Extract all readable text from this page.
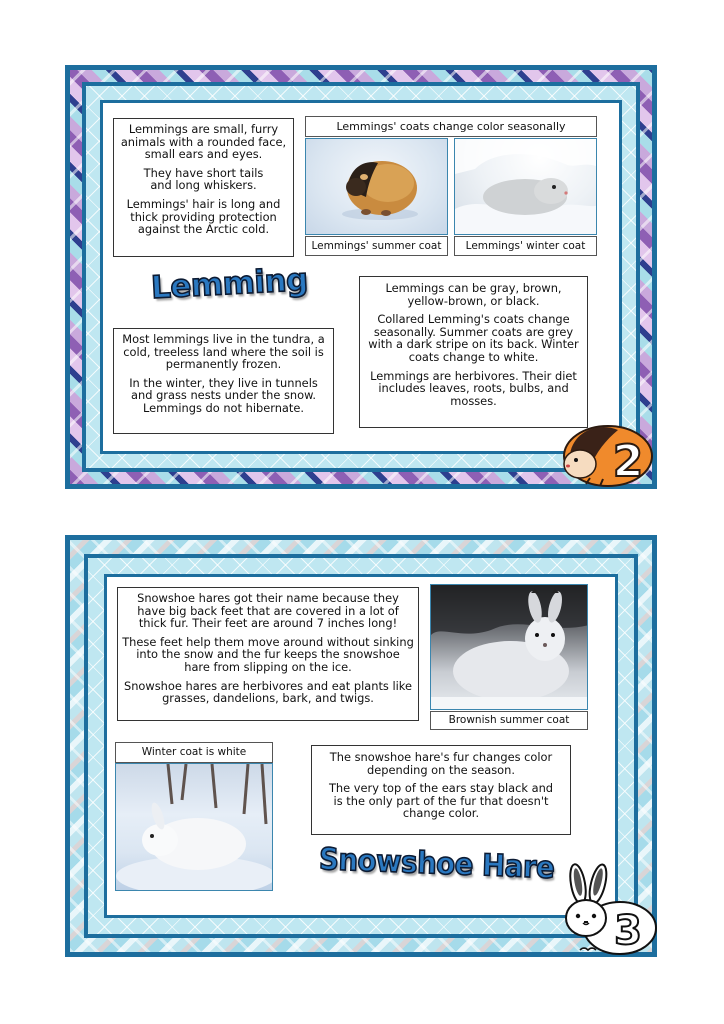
Lemmings are small, furry animals with a rounded face, small ears and eyes.

They have short tails and long whiskers.

Lemmings' hair is long and thick providing protection against the Arctic cold.

Lemmings' coats change color seasonally
Lemmings' summer coat	Lemmings' winter coat
Lemming

Most lemmings live in the tundra, a cold, treeless land where the soil is permanently frozen.

In the winter, they live in tunnels and grass nests under the snow. Lemmings do not hibernate.

Lemmings can be gray, brown, yellow-brown, or black.

Collared Lemming's coats change seasonally. Summer coats are grey with a dark stripe on its back. Winter coats change to white.

Lemmings are herbivores. Their diet includes leaves, roots, bulbs, and mosses.

2

Snowshoe hares got their name because they have big back feet that are covered in a lot of thick fur. Their feet are around 7 inches long!

These feet help them move around without sinking into the snow and the fur keeps the snowshoe hare from slipping on the ice.

Snowshoe hares are herbivores and eat plants like grasses, dandelions, bark, and twigs.

Brownish summer coat
Winter coat is white	The snowshoe hare's fur changes color depending on the season.

The very top of the ears stay black and is the only part of the fur that doesn't change color.

Snowshoe Hare
3
